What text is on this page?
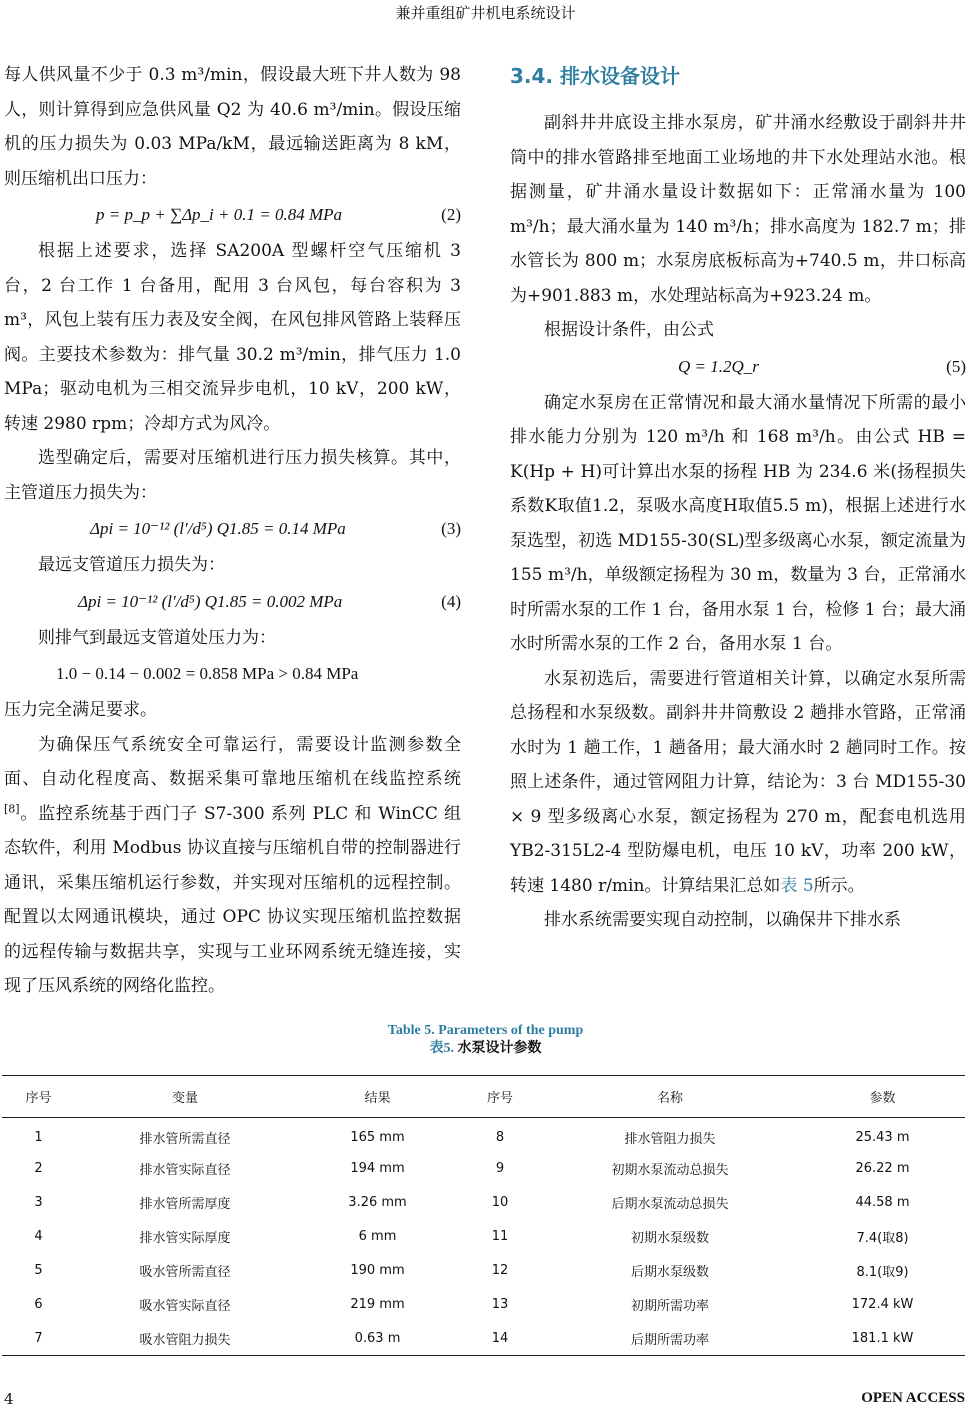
兼并重组矿井机电系统设计

每人供风量不少于 0.3 m³/min，假设最大班下井人数为 98 人，则计算得到应急供风量 Q2 为 40.6 m³/min。假设压缩机的压力损失为 0.03 MPa/kM，最远输送距离为 8 kM，则压缩机出口压力：

p = p_p + ∑Δp_i + 0.1 = 0.84 MPa	(2)

根据上述要求，选择 SA200A 型螺杆空气压缩机 3 台，2 台工作 1 台备用，配用 3 台风包，每台容积为 3 m³，风包上装有压力表及安全阀，在风包排风管路上装释压阀。主要技术参数为：排气量 30.2 m³/min，排气压力 1.0 MPa；驱动电机为三相交流异步电机，10 kV，200 kW，转速 2980 rpm；冷却方式为风冷。

选型确定后，需要对压缩机进行压力损失核算。其中，主管道压力损失为：

Δpi = 10⁻¹² (l′/d⁵) Q1.85 = 0.14 MPa	(3)

最远支管道压力损失为：

Δpi = 10⁻¹² (l′/d⁵) Q1.85 = 0.002 MPa	(4)

则排气到最远支管道处压力为：

1.0 − 0.14 − 0.002 = 0.858 MPa > 0.84 MPa

压力完全满足要求。

为确保压气系统安全可靠运行，需要设计监测参数全面、自动化程度高、数据采集可靠地压缩机在线监控系统[8]。监控系统基于西门子 S7-300 系列 PLC 和 WinCC 组态软件，利用 Modbus 协议直接与压缩机自带的控制器进行通讯，采集压缩机运行参数，并实现对压缩机的远程控制。配置以太网通讯模块，通过 OPC 协议实现压缩机监控数据的远程传输与数据共享，实现与工业环网系统无缝连接，实现了压风系统的网络化监控。

3.4. 排水设备设计

副斜井井底设主排水泵房，矿井涌水经敷设于副斜井井筒中的排水管路排至地面工业场地的井下水处理站水池。根据测量，矿井涌水量设计数据如下：正常涌水量为 100 m³/h；最大涌水量为 140 m³/h；排水高度为 182.7 m；排水管长为 800 m；水泵房底板标高为+740.5 m，井口标高为+901.883 m，水处理站标高为+923.24 m。

根据设计条件，由公式

Q = 1.2Q_r	(5)

确定水泵房在正常情况和最大涌水量情况下所需的最小排水能力分别为 120 m³/h 和 168 m³/h。由公式 HB = K(Hp + H)可计算出水泵的扬程 HB 为 234.6 米(扬程损失系数K取值1.2，泵吸水高度H取值5.5 m)，根据上述进行水泵选型，初选 MD155-30(SL)型多级离心水泵，额定流量为 155 m³/h，单级额定扬程为 30 m，数量为 3 台，正常涌水时所需水泵的工作 1 台，备用水泵 1 台，检修 1 台；最大涌水时所需水泵的工作 2 台，备用水泵 1 台。

水泵初选后，需要进行管道相关计算，以确定水泵所需总扬程和水泵级数。副斜井井筒敷设 2 趟排水管路，正常涌水时为 1 趟工作，1 趟备用；最大涌水时 2 趟同时工作。按照上述条件，通过管网阻力计算，结论为：3 台 MD155-30 × 9 型多级离心水泵，额定扬程为 270 m，配套电机选用 YB2-315L2-4 型防爆电机，电压 10 kV，功率 200 kW，转速 1480 r/min。计算结果汇总如表 5所示。

排水系统需要实现自动控制，以确保井下排水系

Table 5. Parameters of the pump
表5. 水泵设计参数
序号	变量	结果	序号	名称	参数
1	排水管所需直径	165 mm	8	排水管阻力损失	25.43 m
2	排水管实际直径	194 mm	9	初期水泵流动总损失	26.22 m
3	排水管所需厚度	3.26 mm	10	后期水泵流动总损失	44.58 m
4	排水管实际厚度	6 mm	11	初期水泵级数	7.4(取8)
5	吸水管所需直径	190 mm	12	后期水泵级数	8.1(取9)
6	吸水管实际直径	219 mm	13	初期所需功率	172.4 kW
7	吸水管阻力损失	0.63 m	14	后期所需功率	181.1 kW
4	OPEN ACCESS
